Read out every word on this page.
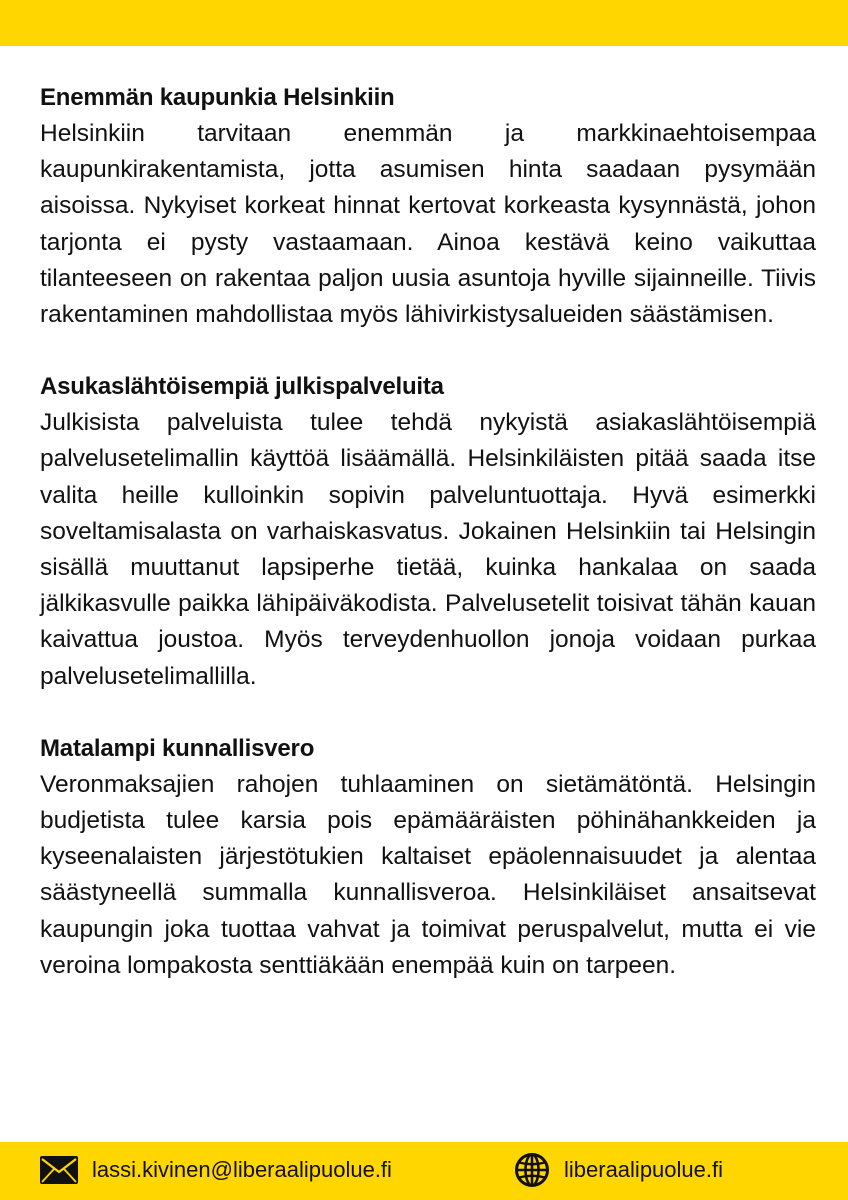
Enemmän kaupunkia Helsinkiin

Helsinkiin tarvitaan enemmän ja markkinaehtoisempaa kaupunkirakentamista, jotta asumisen hinta saadaan pysymään aisoissa. Nykyiset korkeat hinnat kertovat korkeasta kysynnästä, johon tarjonta ei pysty vastaamaan. Ainoa kestävä keino vaikuttaa tilanteeseen on rakentaa paljon uusia asuntoja hyville sijainneille. Tiivis rakentaminen mahdollistaa myös lähivirkistysalueiden säästämisen.

Asukaslähtöisempiä julkispalveluita

Julkisista palveluista tulee tehdä nykyistä asiakaslähtöisempiä palvelusetelimallin käyttöä lisäämällä. Helsinkiläisten pitää saada itse valita heille kulloinkin sopivin palveluntuottaja. Hyvä esimerkki soveltamisalasta on varhaiskasvatus. Jokainen Helsinkiin tai Helsingin sisällä muuttanut lapsiperhe tietää, kuinka hankalaa on saada jälkikasvulle paikka lähipäiväkodista. Palvelusetelit toisivat tähän kauan kaivattua joustoa. Myös terveydenhuollon jonoja voidaan purkaa palvelusetelimallilla.

Matalampi kunnallisvero

Veronmaksajien rahojen tuhlaaminen on sietämätöntä. Helsingin budjetista tulee karsia pois epämääräisten pöhinähankkeiden ja kyseenalaisten järjestötukien kaltaiset epäolennaisuudet ja alentaa säästyneellä summalla kunnallisveroa. Helsinkiläiset ansaitsevat kaupungin joka tuottaa vahvat ja toimivat peruspalvelut, mutta ei vie veroina lompakosta senttiäkään enempää kuin on tarpeen.

lassi.kivinen@liberaalipuolue.fi	liberaalipuolue.fi
